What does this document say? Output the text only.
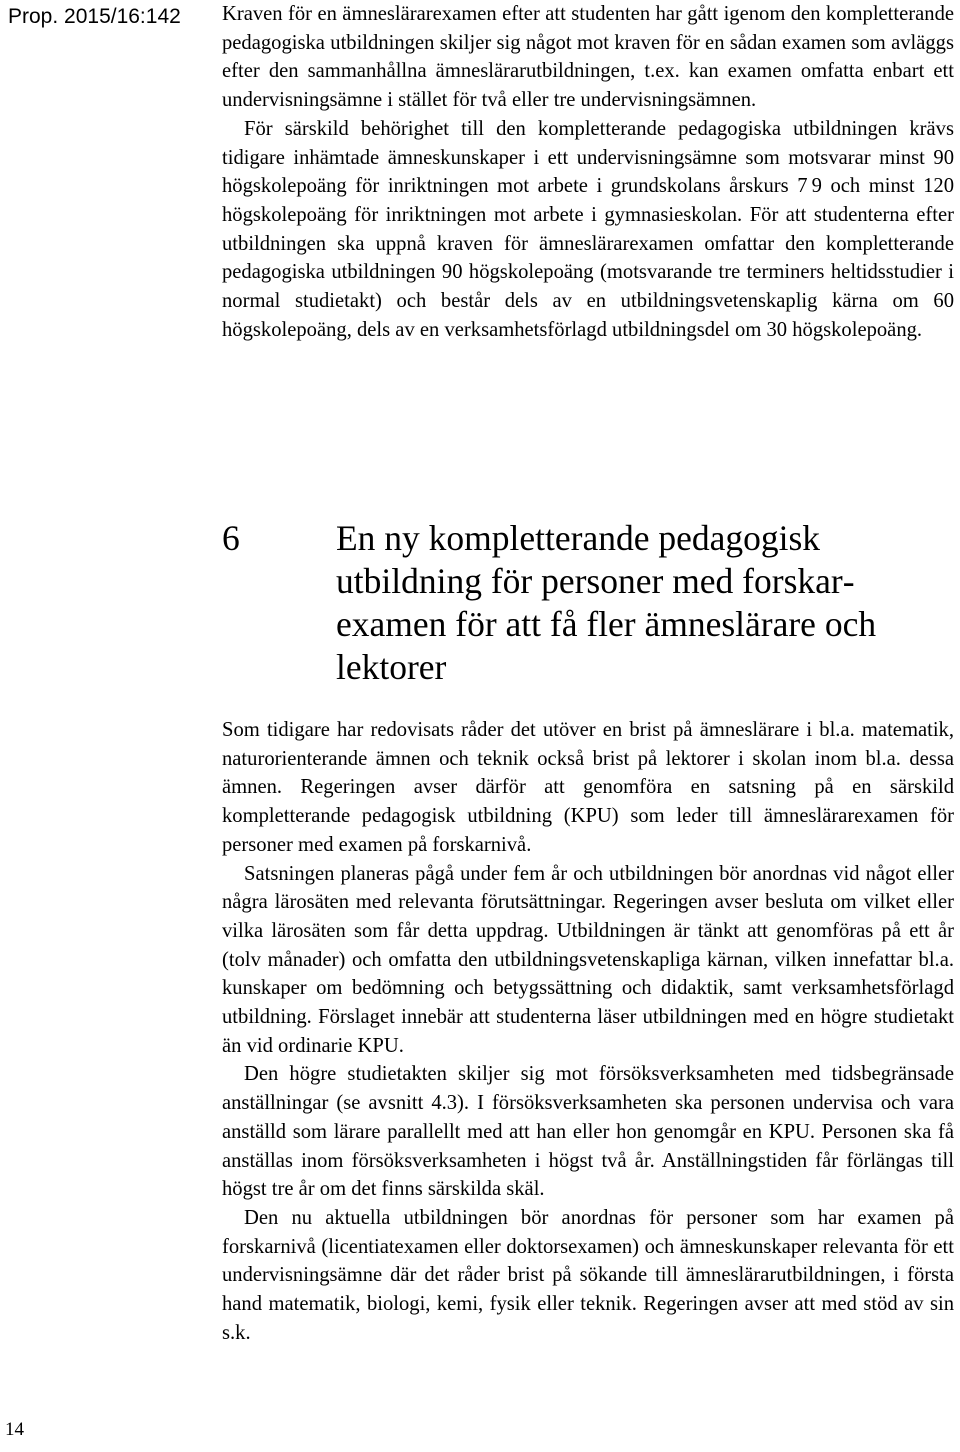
Prop. 2015/16:142 Kraven för en ämneslärarexamen efter att studenten har gått igenom den kompletterande pedagogiska utbildningen skiljer sig något mot kraven för en sådan examen som avläggs efter den sammanhållna ämneslärarutbildningen, t.ex. kan examen omfatta enbart ett undervisningsämne i stället för två eller tre undervisningsämnen.

För särskild behörighet till den kompletterande pedagogiska utbildningen krävs tidigare inhämtade ämneskunskaper i ett undervisningsämne som motsvarar minst 90 högskolepoäng för inriktningen mot arbete i grundskolans årskurs 7 9 och minst 120 högskolepoäng för inriktningen mot arbete i gymnasieskolan. För att studenterna efter utbildningen ska uppnå kraven för ämneslärarexamen omfattar den kompletterande pedagogiska utbildningen 90 högskolepoäng (motsvarande tre terminers heltidsstudier i normal studietakt) och består dels av en utbildningsvetenskaplig kärna om 60 högskolepoäng, dels av en verksamhetsförlagd utbildningsdel om 30 högskolepoäng.

6	En ny kompletterande pedagogisk utbildning för personer med forskarexamen för att få fler ämneslärare och lektorer

Som tidigare har redovisats råder det utöver en brist på ämneslärare i bl.a. matematik, naturorienterande ämnen och teknik också brist på lektorer i skolan inom bl.a. dessa ämnen. Regeringen avser därför att genomföra en satsning på en särskild kompletterande pedagogisk utbildning (KPU) som leder till ämneslärarexamen för personer med examen på forskarnivå.

Satsningen planeras pågå under fem år och utbildningen bör anordnas vid något eller några lärosäten med relevanta förutsättningar. Regeringen avser besluta om vilket eller vilka lärosäten som får detta uppdrag. Utbildningen är tänkt att genomföras på ett år (tolv månader) och omfatta den utbildningsvetenskapliga kärnan, vilken innefattar bl.a. kunskaper om bedömning och betygssättning och didaktik, samt verksamhetsförlagd utbildning. Förslaget innebär att studenterna läser utbildningen med en högre studietakt än vid ordinarie KPU.

Den högre studietakten skiljer sig mot försöksverksamheten med tidsbegränsade anställningar (se avsnitt 4.3). I försöksverksamheten ska personen undervisa och vara anställd som lärare parallellt med att han eller hon genomgår en KPU. Personen ska få anställas inom försöksverksamheten i högst två år. Anställningstiden får förlängas till högst tre år om det finns särskilda skäl.

Den nu aktuella utbildningen bör anordnas för personer som har examen på forskarnivå (licentiatexamen eller doktorsexamen) och ämneskunskaper relevanta för ett undervisningsämne där det råder brist på sökande till ämneslärarutbildningen, i första hand matematik, biologi, kemi, fysik eller teknik. Regeringen avser att med stöd av sin s.k.

14
